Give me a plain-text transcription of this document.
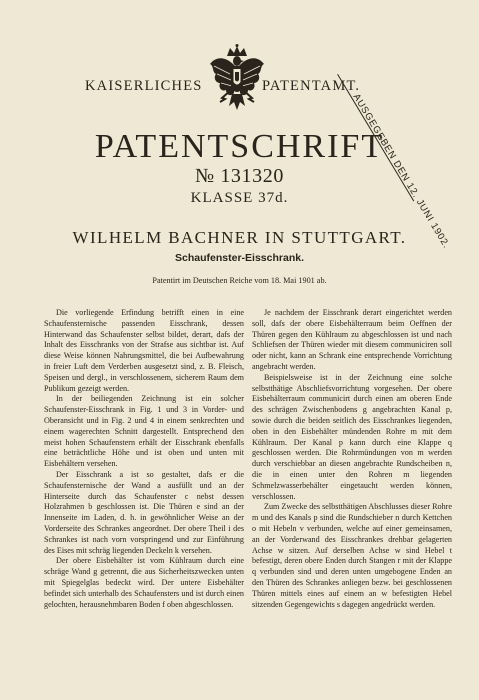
KAISERLICHES	PATENTAMT.
AUSGEGEBEN DEN 12. JUNI 1902.
PATENTSCHRIFT
№ 131320
KLASSE 37d.
WILHELM BACHNER IN STUTTGART.
Schaufenster-Eisschrank.
Patentirt im Deutschen Reiche vom 18. Mai 1901 ab.

Die vorliegende Erfindung betrifft einen in eine Schaufensternische passenden Eisschrank, dessen Hinterwand das Schaufenster selbst bildet, derart, dafs der Inhalt des Eisschranks von der Strafse aus sichtbar ist. Auf diese Weise können Nahrungsmittel, die bei Aufbewahrung in freier Luft dem Verderben ausgesetzt sind, z. B. Fleisch, Speisen und dergl., in verschlossenem, sicherem Raum dem Publikum gezeigt werden.

In der beiliegenden Zeichnung ist ein solcher Schaufenster-Eisschrank in Fig. 1 und 3 in Vorder- und Oberansicht und in Fig. 2 und 4 in einem senkrechten und einem wagerechten Schnitt dargestellt. Entsprechend den meist hohen Schaufenstern erhält der Eisschrank ebenfalls eine beträchtliche Höhe und ist oben und unten mit Eisbehältern versehen.

Der Eisschrank a ist so gestaltet, dafs er die Schaufensternische der Wand a ausfüllt und an der Hinterseite durch das Schaufenster c nebst dessen Holzrahmen b geschlossen ist. Die Thüren e sind an der Innenseite im Laden, d. h. in gewöhnlicher Weise an der Vorderseite des Schrankes angeordnet. Der obere Theil i des Schrankes ist nach vorn vorspringend und zur Einführung des Eises mit schräg liegenden Deckeln k versehen.

Der obere Eisbehälter ist vom Kühlraum durch eine schräge Wand g getrennt, die aus Sicherheitszwecken unten mit Spiegelglas bedeckt wird. Der untere Eisbehälter befindet sich unterhalb des Schaufensters und ist durch einen gelochten, herausnehmbaren Boden f oben abgeschlossen.

Je nachdem der Eisschrank derart eingerichtet werden soll, dafs der obere Eisbehälterraum beim Oeffnen der Thüren gegen den Kühlraum zu abgeschlossen ist und nach Schliefsen der Thüren wieder mit diesem communiciren soll oder nicht, kann an Schrank eine entsprechende Vorrichtung angebracht werden.

Beispielsweise ist in der Zeichnung eine solche selbstthätige Abschliefsvorrichtung vorgesehen. Der obere Eisbehälterraum communicirt durch einen am oberen Ende des schrägen Zwischenbodens g angebrachten Kanal p, sowie durch die beiden seitlich des Eisschrankes liegenden, oben in den Eisbehälter mündenden Rohre m mit dem Kühlraum. Der Kanal p kann durch eine Klappe q geschlossen werden. Die Rohrmündungen von m werden durch verschiebbar an diesen angebrachte Rundscheiben n, die in einen unter den Rohren m liegenden Schmelzwasserbehälter eingetaucht werden können, verschlossen.

Zum Zwecke des selbstthätigen Abschlusses dieser Rohre m und des Kanals p sind die Rundschieber n durch Kettchen o mit Hebeln v verbunden, welche auf einer gemeinsamen, an der Vorderwand des Eisschrankes drehbar gelagerten Achse w sitzen. Auf derselben Achse w sind Hebel t befestigt, deren obere Enden durch Stangen r mit der Klappe q verbunden sind und deren unten umgebogene Enden an den Thüren des Schrankes anliegen bezw. bei geschlossenen Thüren mittels eines auf einem an w befestigten Hebel sitzenden Gegengewichts s dagegen angedrückt werden.
